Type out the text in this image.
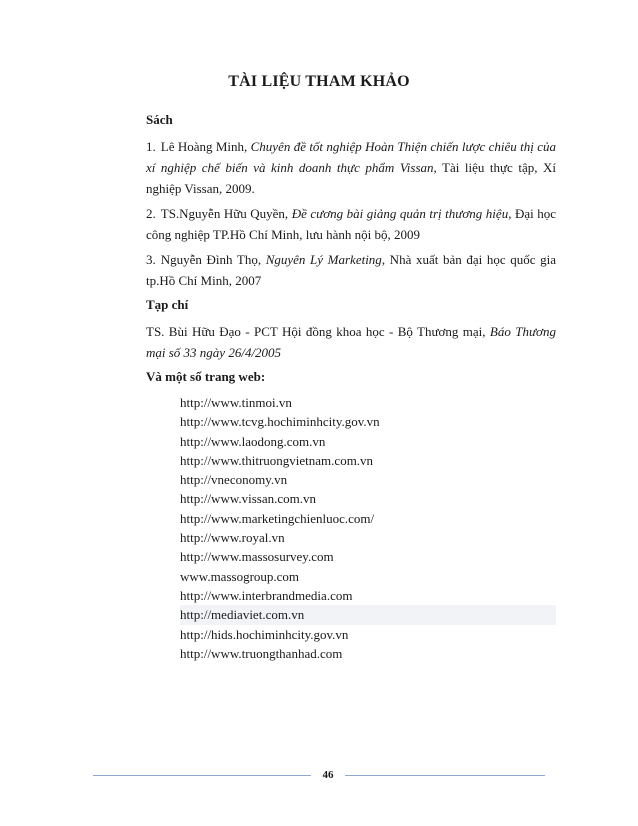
TÀI LIỆU THAM KHẢO

Sách

1. Lê Hoàng Minh, Chuyên đề tốt nghiệp Hoàn Thiện chiến lược chiêu thị của xí nghiệp chế biến và kinh doanh thực phẩm Vissan, Tài liệu thực tập, Xí nghiệp Vissan, 2009.

2. TS.Nguyễn Hữu Quyền, Đề cương bài giảng quản trị thương hiệu, Đại học công nghiệp TP.Hồ Chí Minh, lưu hành nội bộ, 2009

3. Nguyễn Đình Thọ, Nguyên Lý Marketing, Nhà xuất bản đại học quốc gia tp.Hồ Chí Minh, 2007

Tạp chí

TS. Bùi Hữu Đạo - PCT Hội đồng khoa học - Bộ Thương mại, Báo Thương mại số 33 ngày 26/4/2005

Và một số trang web:

http://www.tinmoi.vn
http://www.tcvg.hochiminhcity.gov.vn
http://www.laodong.com.vn
http://www.thitruongvietnam.com.vn
http://vneconomy.vn
http://www.vissan.com.vn
http://www.marketingchienluoc.com/
http://www.royal.vn
http://www.massosurvey.com
www.massogroup.com
http://www.interbrandmedia.com
http://mediaviet.com.vn
http://hids.hochiminhcity.gov.vn
http://www.truongthanhad.com
46
